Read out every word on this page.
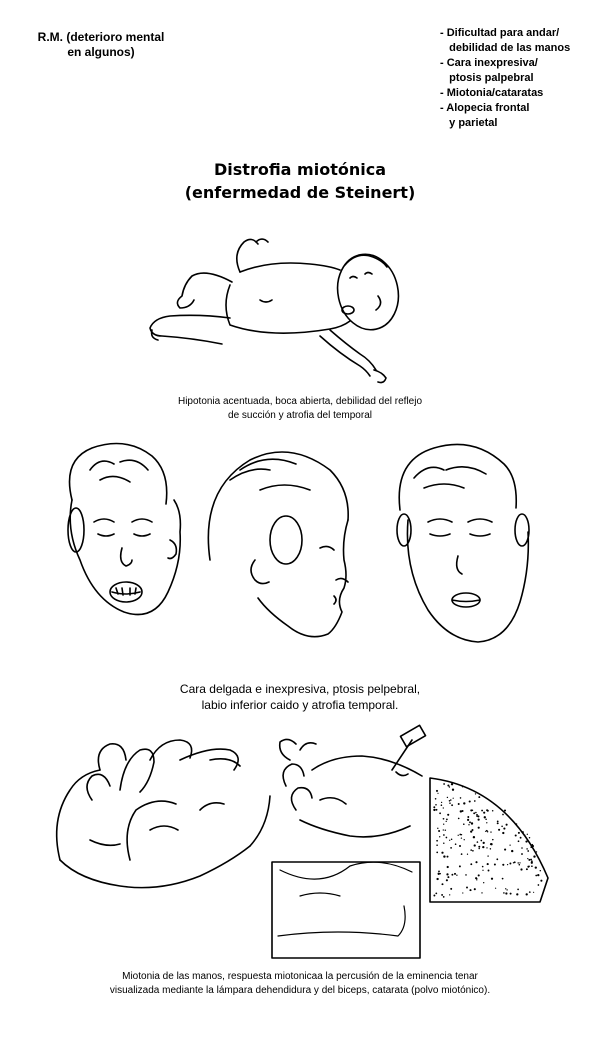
R.M. (deterioro mental
en algunos)
- Dificultad para andar/
debilidad de las manos
- Cara inexpresiva/
ptosis palpebral
- Miotonia/cataratas
- Alopecia frontal
y parietal
Distrofia miotónica
(enfermedad de Steinert)
Hipotonia acentuada, boca abierta, debilidad del reflejo
de succión y atrofia del temporal
Cara delgada e inexpresiva, ptosis pelpebral,
labio inferior caido y atrofia temporal.
Miotonia de las manos, respuesta miotonicaa la percusión de la eminencia tenar
visualizada mediante la lámpara dehendidura y del biceps, catarata (polvo miotónico).
